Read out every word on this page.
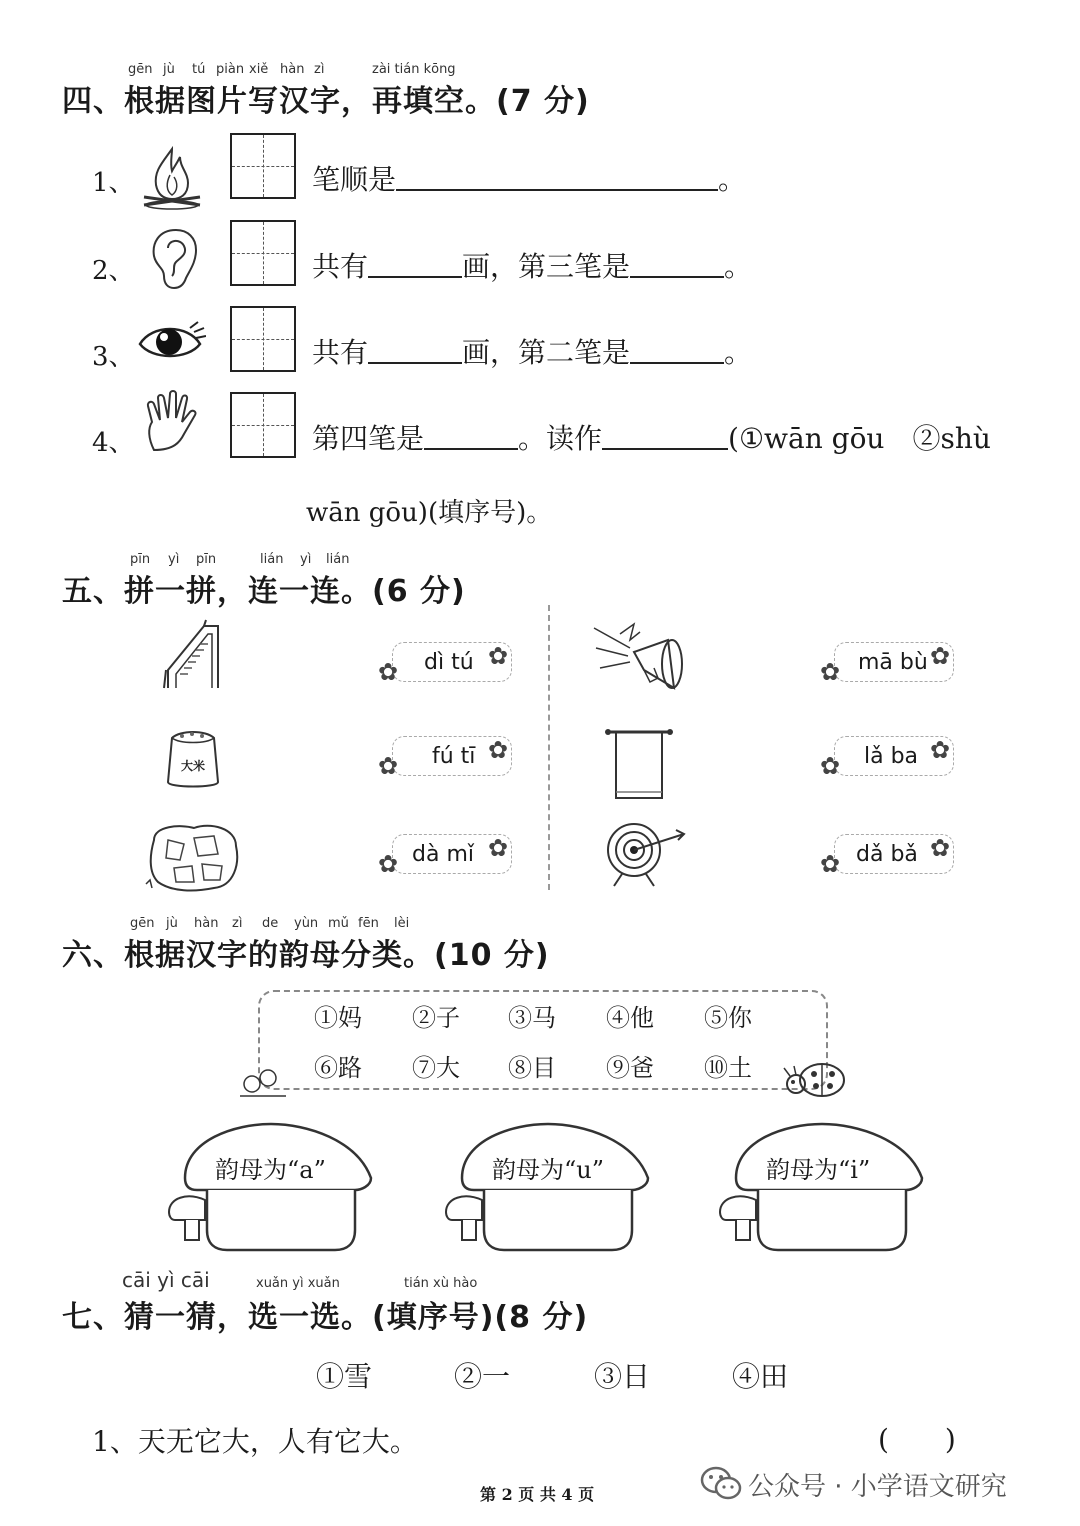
gēn jù tú piàn xiě hàn zì	zài tián kōng
四、根据图片写汉字，再填空。(7 分)
1、	笔顺是	。
2、	共有	画，第三笔是	。
3、	共有	画，第二笔是	。
4、	第四笔是	。读作	(①wān gōu　②shù
wān gōu)(填序号)。
pīn yì pīn	lián yì lián
五、拼一拼，连一连。(6 分)
大米
dì tú
✿
✿
fú tī
✿
✿
dà mǐ
✿
✿
mā bù
✿
✿
lǎ ba
✿
✿
dǎ bǎ
✿
✿
gēn jù hàn zì de yùn mǔ fēn lèi
六、根据汉字的韵母分类。(10 分)
①妈 ②子 ③马 ④他 ⑤你
⑥路 ⑦大 ⑧目 ⑨爸 ⑩土
韵母为“a”	韵母为“u”	韵母为“i”
cāi yì cāi	xuǎn yì xuǎn	tián xù hào
七、猜一猜，选一选。(填序号)(8 分)
①雪	②一	③日	④田
1、天无它大，人有它大。	(　　)
第 2 页 共 4 页	公众号 · 小学语文研究
